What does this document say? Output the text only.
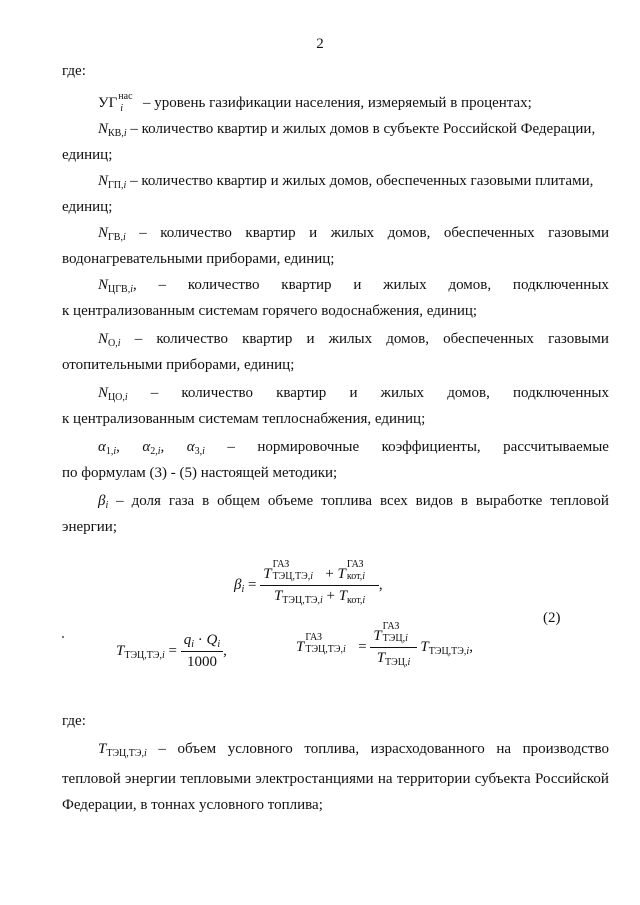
2
где:
УГ нас
i – уровень газификации населения, измеряемый в процентах;
$N_{КВ,i}$ – количество квартир и жилых домов в субъекте Российской Федерации,
единиц;
$N_{ГП,i}$ – количество квартир и жилых домов, обеспеченных газовыми плитами,
единиц;
$N_{ГВ,i}$ – количество квартир и жилых домов, обеспеченных газовыми
водонагревательными приборами, единиц;
$N_{ЦГВ,i}$, – количество квартир и жилых домов, подключенных
к централизованным системам горячего водоснабжения, единиц;
$N_{О,i}$ – количество квартир и жилых домов, обеспеченных газовыми
отопительными приборами, единиц;
$N_{ЦО,i}$ – количество квартир и жилых домов, подключенных
к централизованным системам теплоснабжения, единиц;
$\alpha_{1,i}$, $\alpha_{2,i}$, $\alpha_{3,i}$ – нормировочные коэффициенты, рассчитываемые
по формулам (3) - (5) настоящей методики;
$\beta_i$ – доля газа в общем объеме топлива всех видов в выработке тепловой
энергии;
$\beta_i = T$
ГАЗ
ТЭЦ,ТЭ,i + T
ГАЗ
кот,i
$T_{ТЭЦ,ТЭ,i} + T_{кот,i}$ ,
(2)
$T_{ТЭЦ,ТЭ,i} = \frac{q_i \cdot Q_i}{1000}$ ,	T
ГАЗ
ТЭЦ,ТЭ,i = T
ГАЗ
ТЭЦ,i
$T_{ТЭЦ,i}$ $T_{ТЭЦ,ТЭ,i}$,
где:
$T_{ТЭЦ,ТЭ,i}$ – объем условного топлива, израсходованного на производство
тепловой энергии тепловыми электростанциями на территории субъекта Российской
Федерации, в тоннах условного топлива;
